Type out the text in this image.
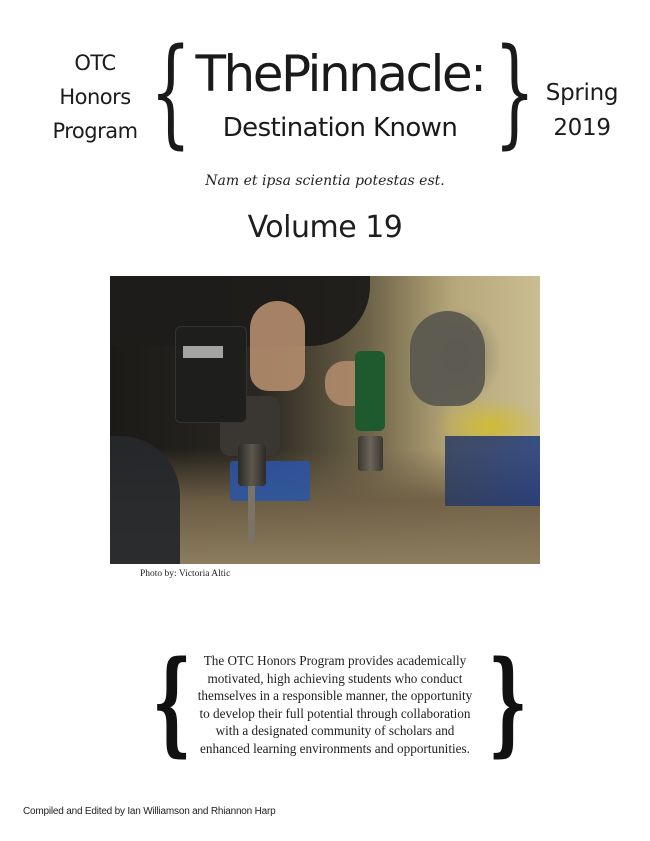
OTC
Honors
Program { ThePinnacle:
Destination Known } Spring
2019
Nam et ipsa scientia potestas est.
Volume 19
Photo by: Victoria Altic
{ The OTC Honors Program provides academically
motivated, high achieving students who conduct
themselves in a responsible manner, the opportunity
to develop their full potential through collaboration
with a designated community of scholars and
enhanced learning environments and opportunities. }
Compiled and Edited by Ian Williamson and Rhiannon Harp
